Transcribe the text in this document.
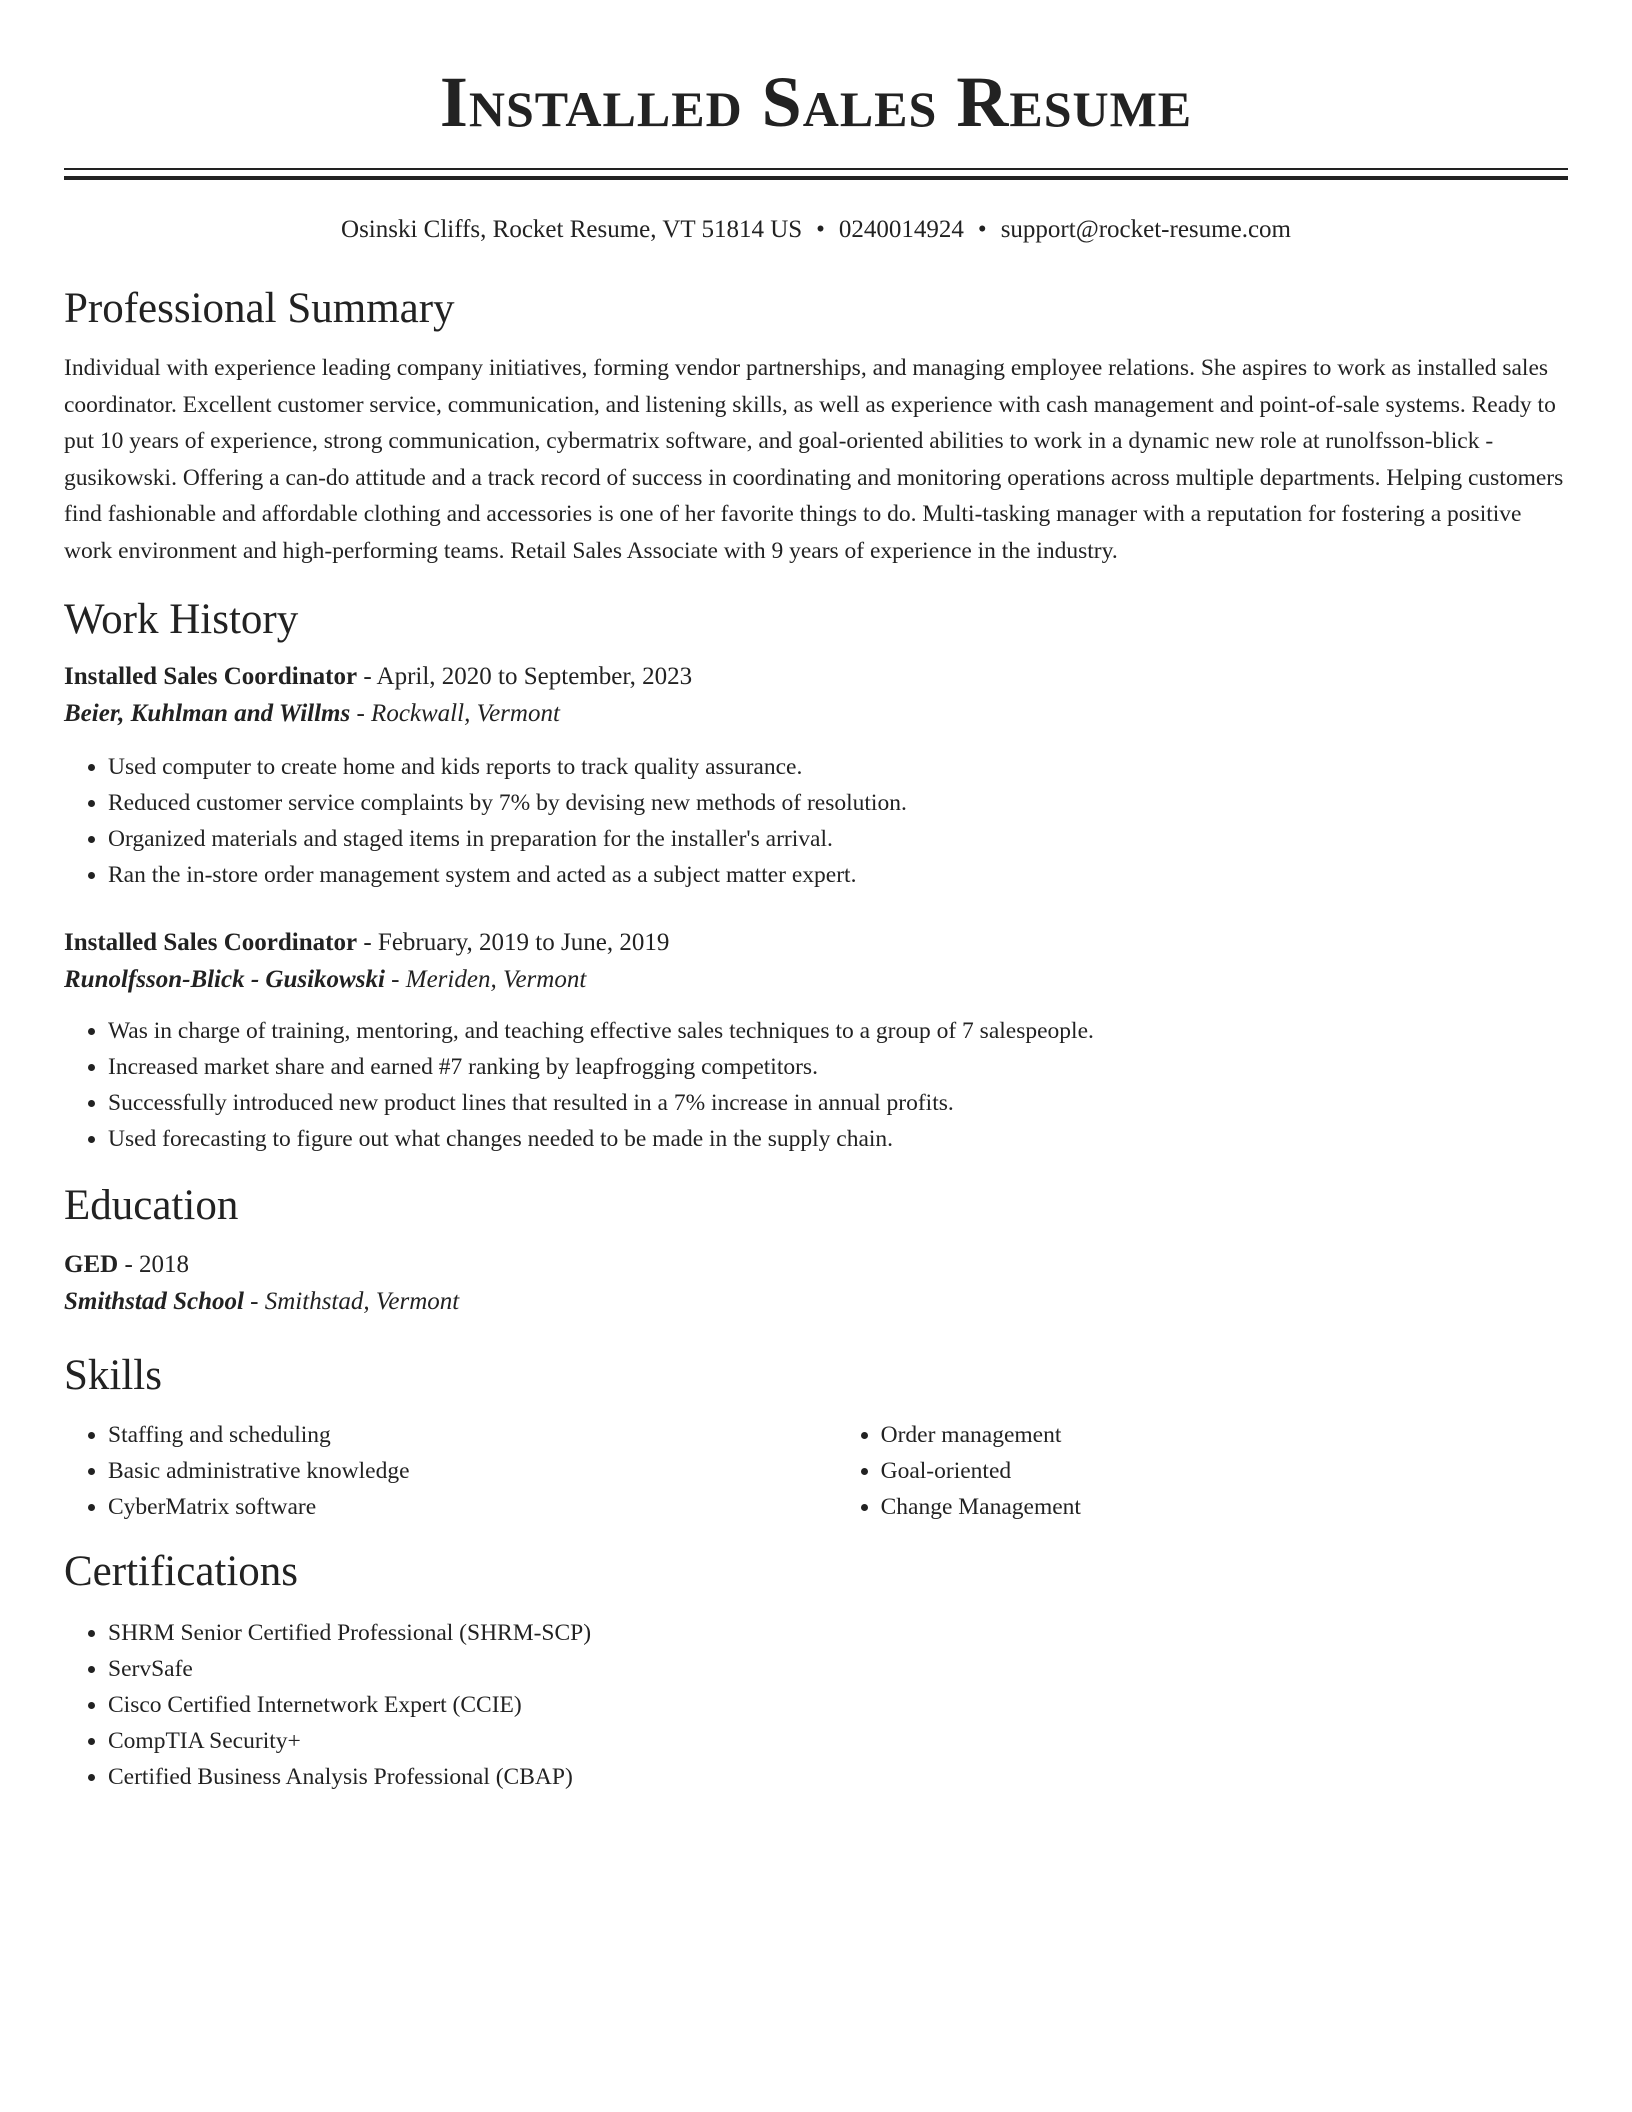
Installed Sales Resume
Osinski Cliffs, Rocket Resume, VT 51814 US • 0240014924 • support@rocket-resume.com
Professional Summary

Individual with experience leading company initiatives, forming vendor partnerships, and managing employee relations. She aspires to work as installed sales coordinator. Excellent customer service, communication, and listening skills, as well as experience with cash management and point-of-sale systems. Ready to put 10 years of experience, strong communication, cybermatrix software, and goal-oriented abilities to work in a dynamic new role at runolfsson-blick - gusikowski. Offering a can-do attitude and a track record of success in coordinating and monitoring operations across multiple departments. Helping customers find fashionable and affordable clothing and accessories is one of her favorite things to do. Multi-tasking manager with a reputation for fostering a positive work environment and high-performing teams. Retail Sales Associate with 9 years of experience in the industry.

Work History

Installed Sales Coordinator - April, 2020 to September, 2023

Beier, Kuhlman and Willms - Rockwall, Vermont

• Used computer to create home and kids reports to track quality assurance.
• Reduced customer service complaints by 7% by devising new methods of resolution.
• Organized materials and staged items in preparation for the installer's arrival.
• Ran the in-store order management system and acted as a subject matter expert.

Installed Sales Coordinator - February, 2019 to June, 2019

Runolfsson-Blick - Gusikowski - Meriden, Vermont

• Was in charge of training, mentoring, and teaching effective sales techniques to a group of 7 salespeople.
• Increased market share and earned #7 ranking by leapfrogging competitors.
• Successfully introduced new product lines that resulted in a 7% increase in annual profits.
• Used forecasting to figure out what changes needed to be made in the supply chain.
Education

GED - 2018

Smithstad School - Smithstad, Vermont

Skills
• Staffing and scheduling
• Basic administrative knowledge
• CyberMatrix software
• Order management
• Goal-oriented
• Change Management
Certifications
• SHRM Senior Certified Professional (SHRM-SCP)
• ServSafe
• Cisco Certified Internetwork Expert (CCIE)
• CompTIA Security+
• Certified Business Analysis Professional (CBAP)
